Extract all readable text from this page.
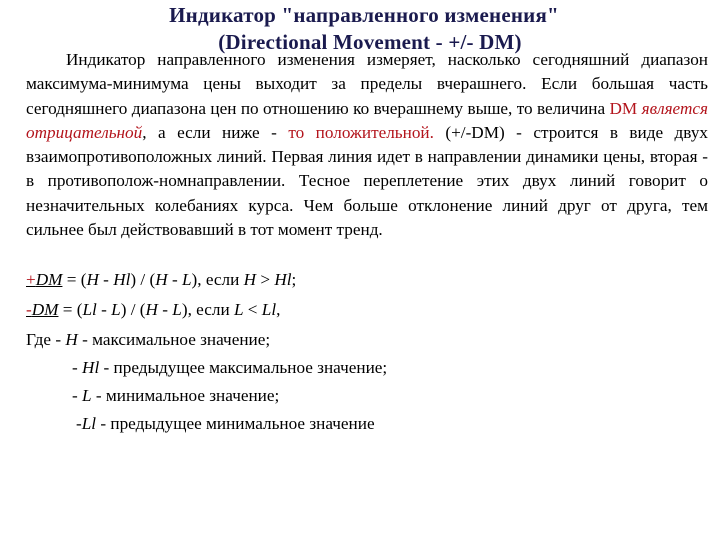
Индикатор "направленного изменения"
(Directional Movement - +/- DM)

Индикатор направленного изменения измеряет, насколько сегодняшний диапазон максимума-минимума цены выходит за пределы вчерашнего. Если большая часть сегодняшнего диапазона цен по отношению ко вчерашнему выше, то величина DM является отрицательной, а если ниже - то положительной. (+/-DM) - строится в виде двух взаимопротивоположных линий. Первая линия идет в направлении динамики цены, вторая - в противополож-номнаправлении. Тесное переплетение этих двух линий говорит о незначительных колебаниях курса. Чем больше отклонение линий друг от друга, тем сильнее был действовавший в тот момент тренд.

+DM = (H - Hl) / (H - L), если H > Hl;
-DM = (Ll - L) / (H - L), если L < Ll,
Где - H - максимальное значение;
- Hl - предыдущее максимальное значение;
- L - минимальное значение;
-Ll - предыдущее минимальное значение
